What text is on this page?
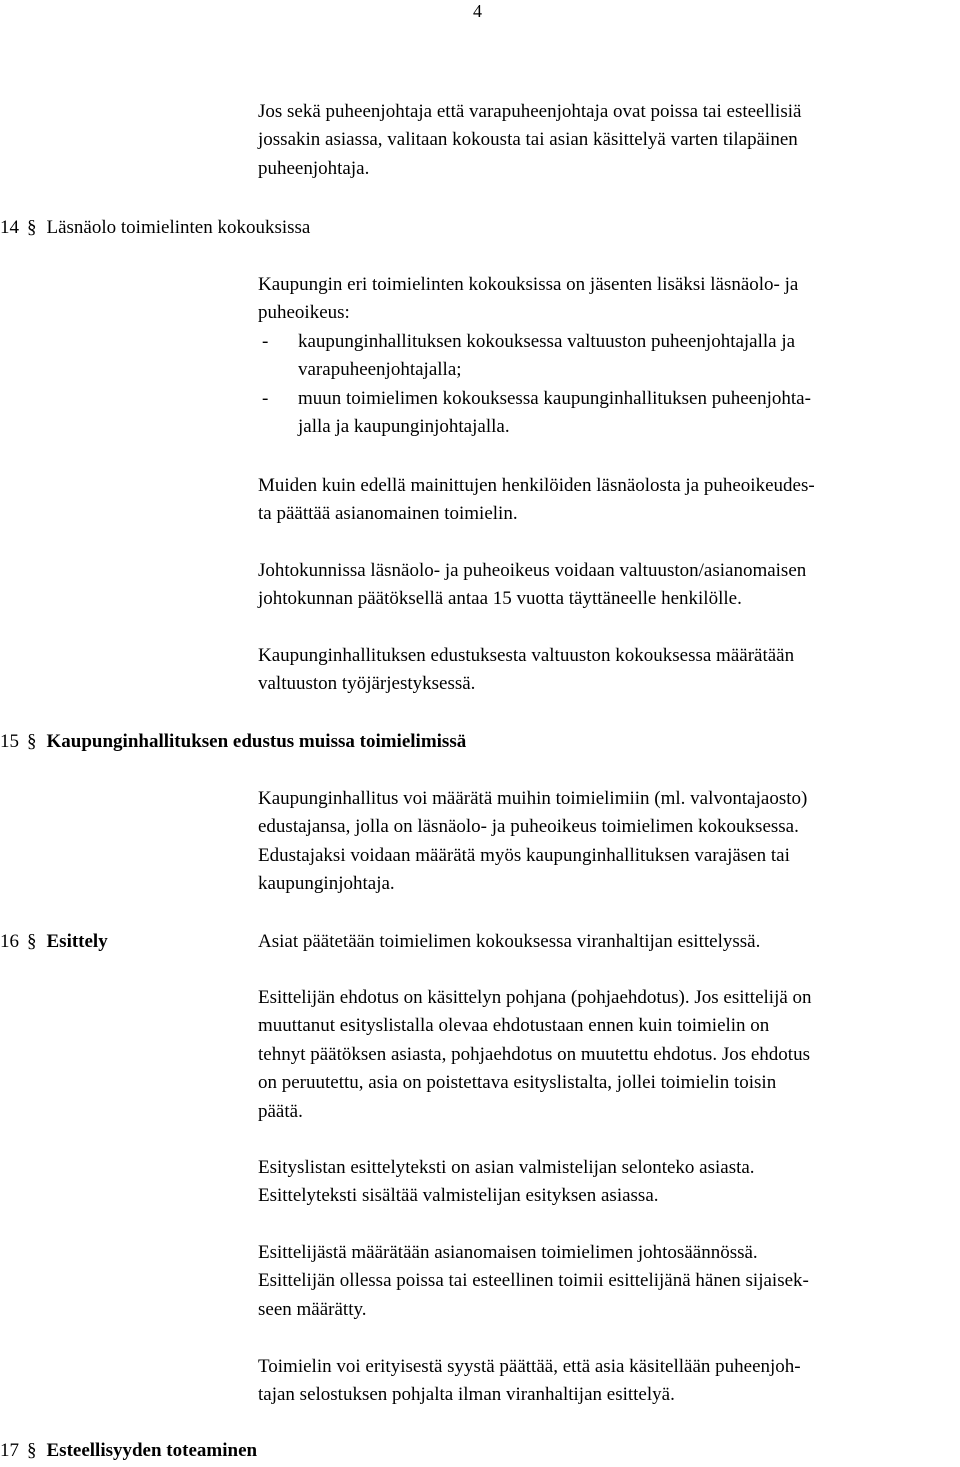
4

Jos sekä puheenjohtaja että varapuheenjohtaja ovat poissa tai esteellisiä

jossakin asiassa, valitaan kokousta tai asian käsittelyä varten tilapäinen

puheenjohtaja.

14 § Läsnäolo toimielinten kokouksissa

Kaupungin eri toimielinten kokouksissa on jäsenten lisäksi läsnäolo- ja

puheoikeus:

- kaupunginhallituksen kokouksessa valtuuston puheenjohtajalla ja

varapuheenjohtajalla;

- muun toimielimen kokouksessa kaupunginhallituksen puheenjohta-

jalla ja kaupunginjohtajalla.

Muiden kuin edellä mainittujen henkilöiden läsnäolosta ja puheoikeudes-

ta päättää asianomainen toimielin.

Johtokunnissa läsnäolo- ja puheoikeus voidaan valtuuston/asianomaisen

johtokunnan päätöksellä antaa 15 vuotta täyttäneelle henkilölle.

Kaupunginhallituksen edustuksesta valtuuston kokouksessa määrätään

valtuuston työjärjestyksessä.

15 § Kaupunginhallituksen edustus muissa toimielimissä

Kaupunginhallitus voi määrätä muihin toimielimiin (ml. valvontajaosto)

edustajansa, jolla on läsnäolo- ja puheoikeus toimielimen kokouksessa.

Edustajaksi voidaan määrätä myös kaupunginhallituksen varajäsen tai

kaupunginjohtaja.

16 § Esittely	Asiat päätetään toimielimen kokouksessa viranhaltijan esittelyssä.

Esittelijän ehdotus on käsittelyn pohjana (pohjaehdotus). Jos esittelijä on

muuttanut esityslistalla olevaa ehdotustaan ennen kuin toimielin on

tehnyt päätöksen asiasta, pohjaehdotus on muutettu ehdotus. Jos ehdotus

on peruutettu, asia on poistettava esityslistalta, jollei toimielin toisin

päätä.

Esityslistan esittelyteksti on asian valmistelijan selonteko asiasta.

Esittelyteksti sisältää valmistelijan esityksen asiassa.

Esittelijästä määrätään asianomaisen toimielimen johtosäännössä.

Esittelijän ollessa poissa tai esteellinen toimii esittelijänä hänen sijaisek-

seen määrätty.

Toimielin voi erityisestä syystä päättää, että asia käsitellään puheenjoh-

tajan selostuksen pohjalta ilman viranhaltijan esittelyä.

17 § Esteellisyyden toteaminen
